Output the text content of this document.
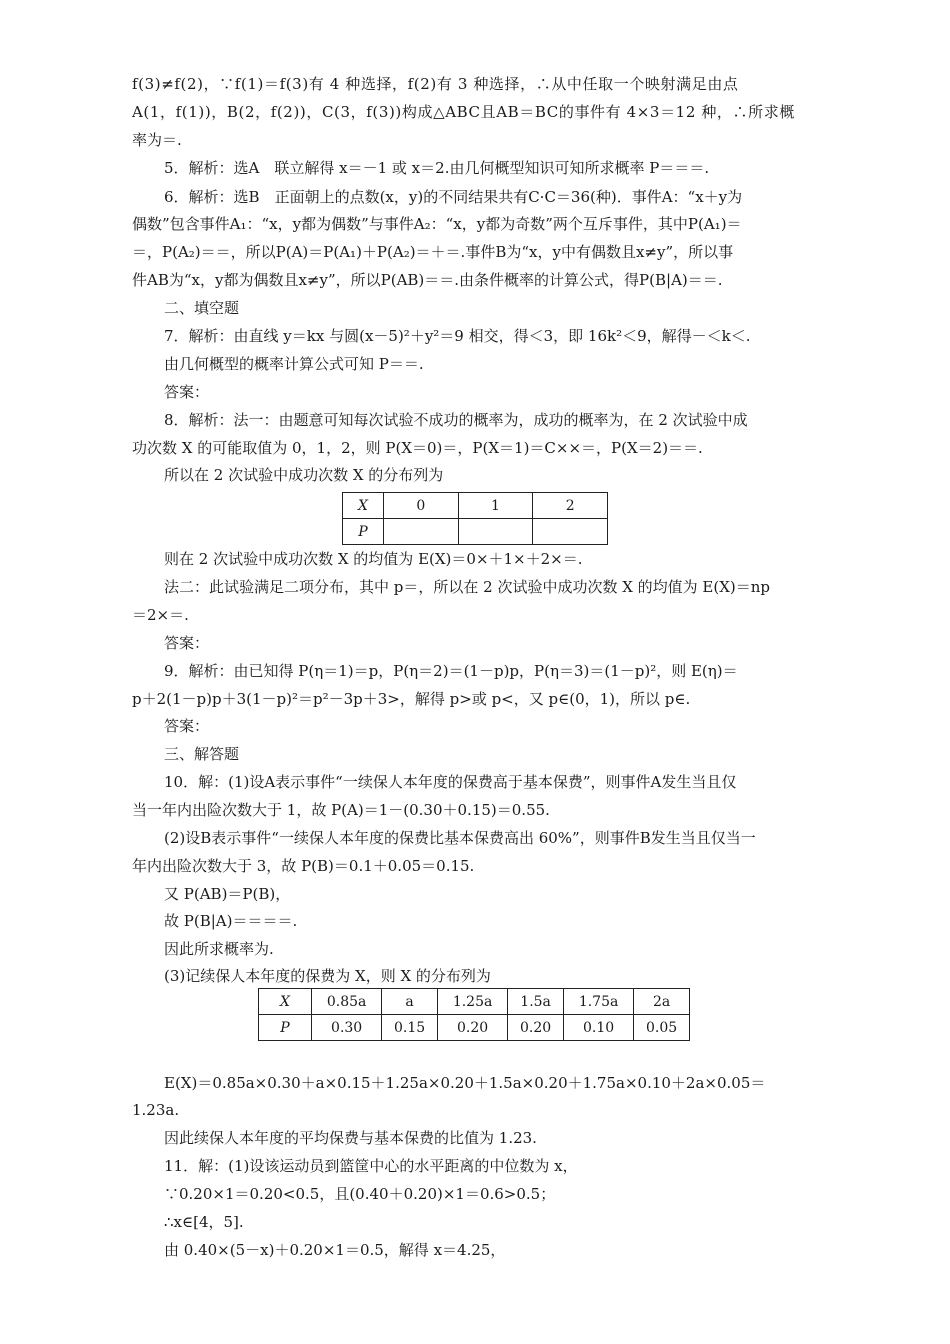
f(3)≠f(2)，∵f(1)＝f(3)有 4 种选择，f(2)有 3 种选择，∴从中任取一个映射满足由点
A(1，f(1))，B(2，f(2))，C(3，f(3))构成△ABC且AB＝BC的事件有 4×3＝12 种，∴所求概
率为＝.
5．解析：选A　联立解得 x＝－1 或 x＝2.由几何概型知识可知所求概率 P＝＝＝.
6．解析：选B　正面朝上的点数(x，y)的不同结果共有C·C＝36(种)．事件A：“x＋y为
偶数”包含事件A₁：“x，y都为偶数”与事件A₂：“x，y都为奇数”两个互斥事件，其中P(A₁)＝
＝，P(A₂)＝＝，所以P(A)＝P(A₁)＋P(A₂)＝＋＝.事件B为“x，y中有偶数且x≠y”，所以事
件AB为“x，y都为偶数且x≠y”，所以P(AB)＝＝.由条件概率的计算公式，得P(B|A)＝＝.
二、填空题
7．解析：由直线 y＝kx 与圆(x－5)²＋y²＝9 相交，得＜3，即 16k²＜9，解得－＜k＜.
由几何概型的概率计算公式可知 P＝＝.
答案：
8．解析：法一：由题意可知每次试验不成功的概率为，成功的概率为，在 2 次试验中成
功次数 X 的可能取值为 0，1，2，则 P(X＝0)＝，P(X＝1)＝C××＝，P(X＝2)＝＝.
所以在 2 次试验中成功次数 X 的分布列为
X	0	1	2
P			
则在 2 次试验中成功次数 X 的均值为 E(X)＝0×＋1×＋2×＝.
法二：此试验满足二项分布，其中 p＝，所以在 2 次试验中成功次数 X 的均值为 E(X)＝np
＝2×＝.
答案：
9．解析：由已知得 P(η＝1)＝p，P(η＝2)＝(1－p)p，P(η＝3)＝(1－p)²，则 E(η)＝
p＋2(1－p)p＋3(1－p)²＝p²－3p＋3>，解得 p>或 p<，又 p∈(0，1)，所以 p∈.
答案：
三、解答题
10．解：(1)设A表示事件“一续保人本年度的保费高于基本保费”，则事件A发生当且仅
当一年内出险次数大于 1，故 P(A)＝1－(0.30＋0.15)＝0.55.
(2)设B表示事件“一续保人本年度的保费比基本保费高出 60%”，则事件B发生当且仅当一
年内出险次数大于 3，故 P(B)＝0.1＋0.05＝0.15.
又 P(AB)＝P(B)，
故 P(B|A)＝＝＝＝.
因此所求概率为.
(3)记续保人本年度的保费为 X，则 X 的分布列为
X	0.85a	a	1.25a	1.5a	1.75a	2a
P	0.30	0.15	0.20	0.20	0.10	0.05
E(X)＝0.85a×0.30＋a×0.15＋1.25a×0.20＋1.5a×0.20＋1.75a×0.10＋2a×0.05＝
1.23a.
因此续保人本年度的平均保费与基本保费的比值为 1.23.
11．解：(1)设该运动员到篮筐中心的水平距离的中位数为 x，
∵0.20×1＝0.20<0.5，且(0.40＋0.20)×1＝0.6>0.5；
∴x∈[4，5].
由 0.40×(5－x)＋0.20×1＝0.5，解得 x＝4.25，
